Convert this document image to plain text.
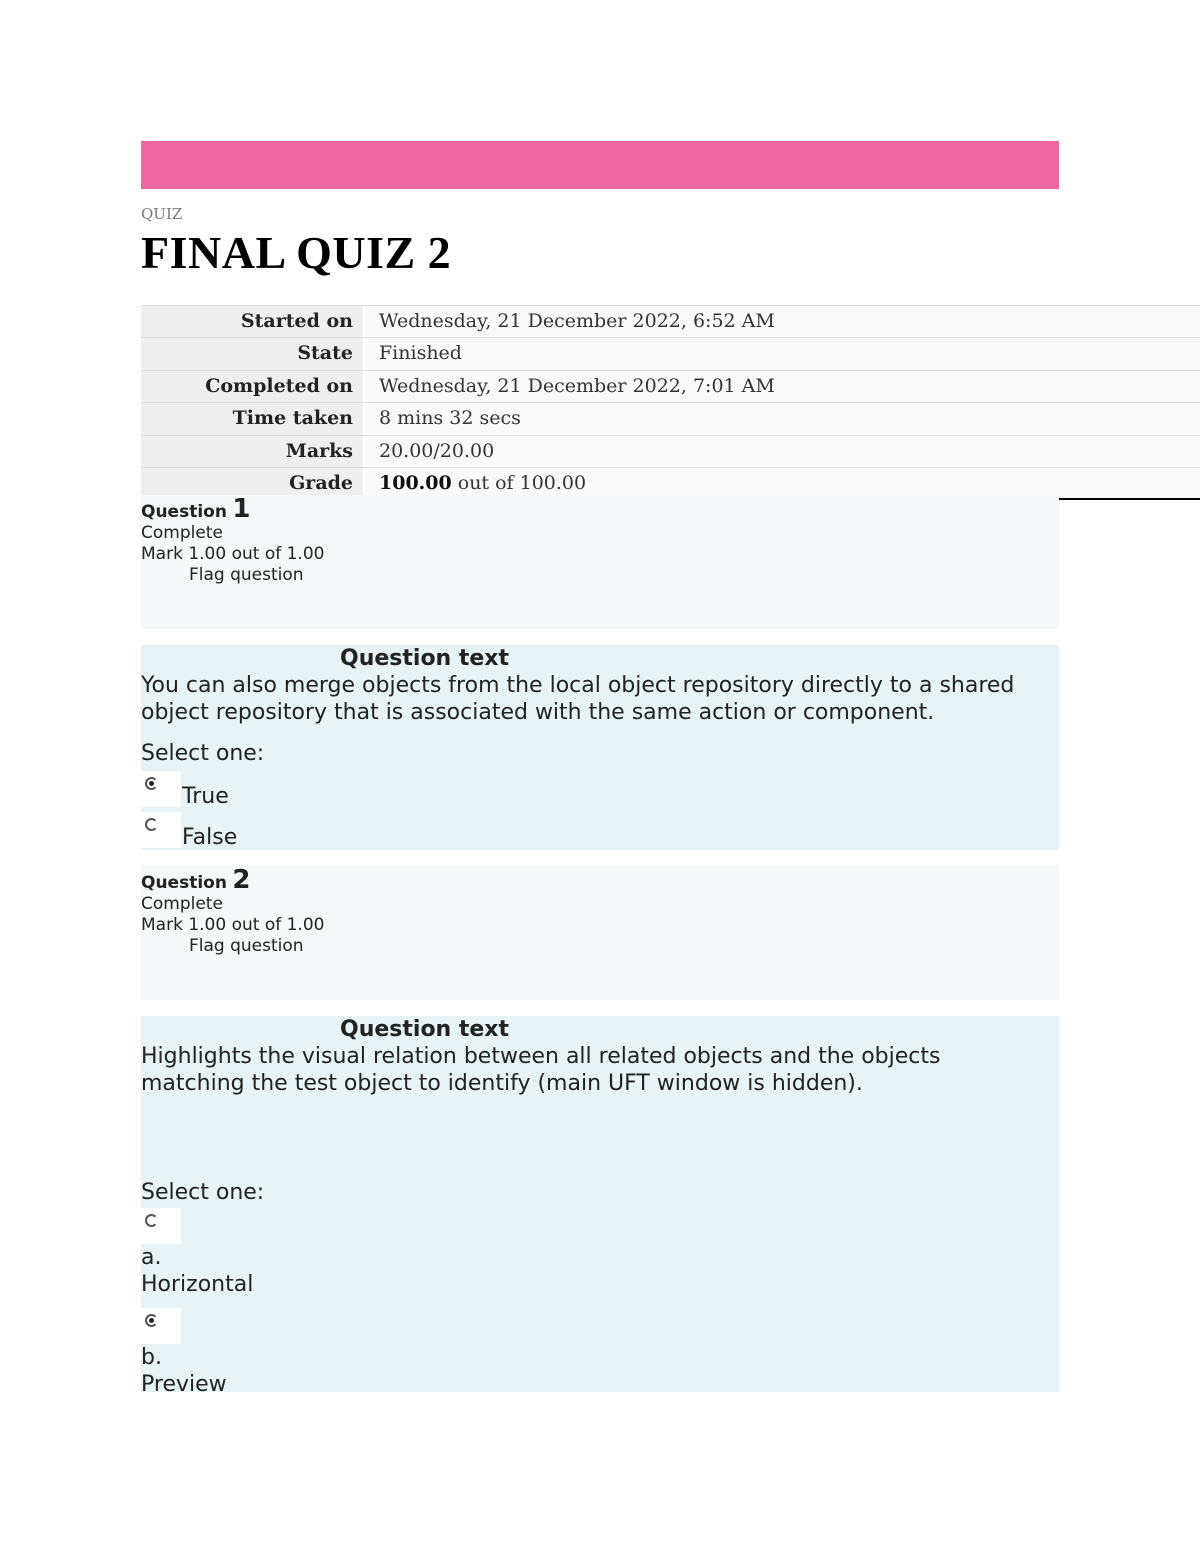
QUIZ
FINAL QUIZ 2
Started on	Wednesday, 21 December 2022, 6:52 AM
State	Finished
Completed on	Wednesday, 21 December 2022, 7:01 AM
Time taken	8 mins 32 secs
Marks	20.00/20.00
Grade	100.00 out of 100.00
Question 1
Complete
Mark 1.00 out of 1.00
Flag question
Question text

You can also merge objects from the local object repository directly to a shared

object repository that is associated with the same action or component.

Select one:

True
False
Question 2
Complete
Mark 1.00 out of 1.00
Flag question
Question text

Highlights the visual relation between all related objects and the objects

matching the test object to identify (main UFT window is hidden).

Select one:

a.

Horizontal

b.

Preview
